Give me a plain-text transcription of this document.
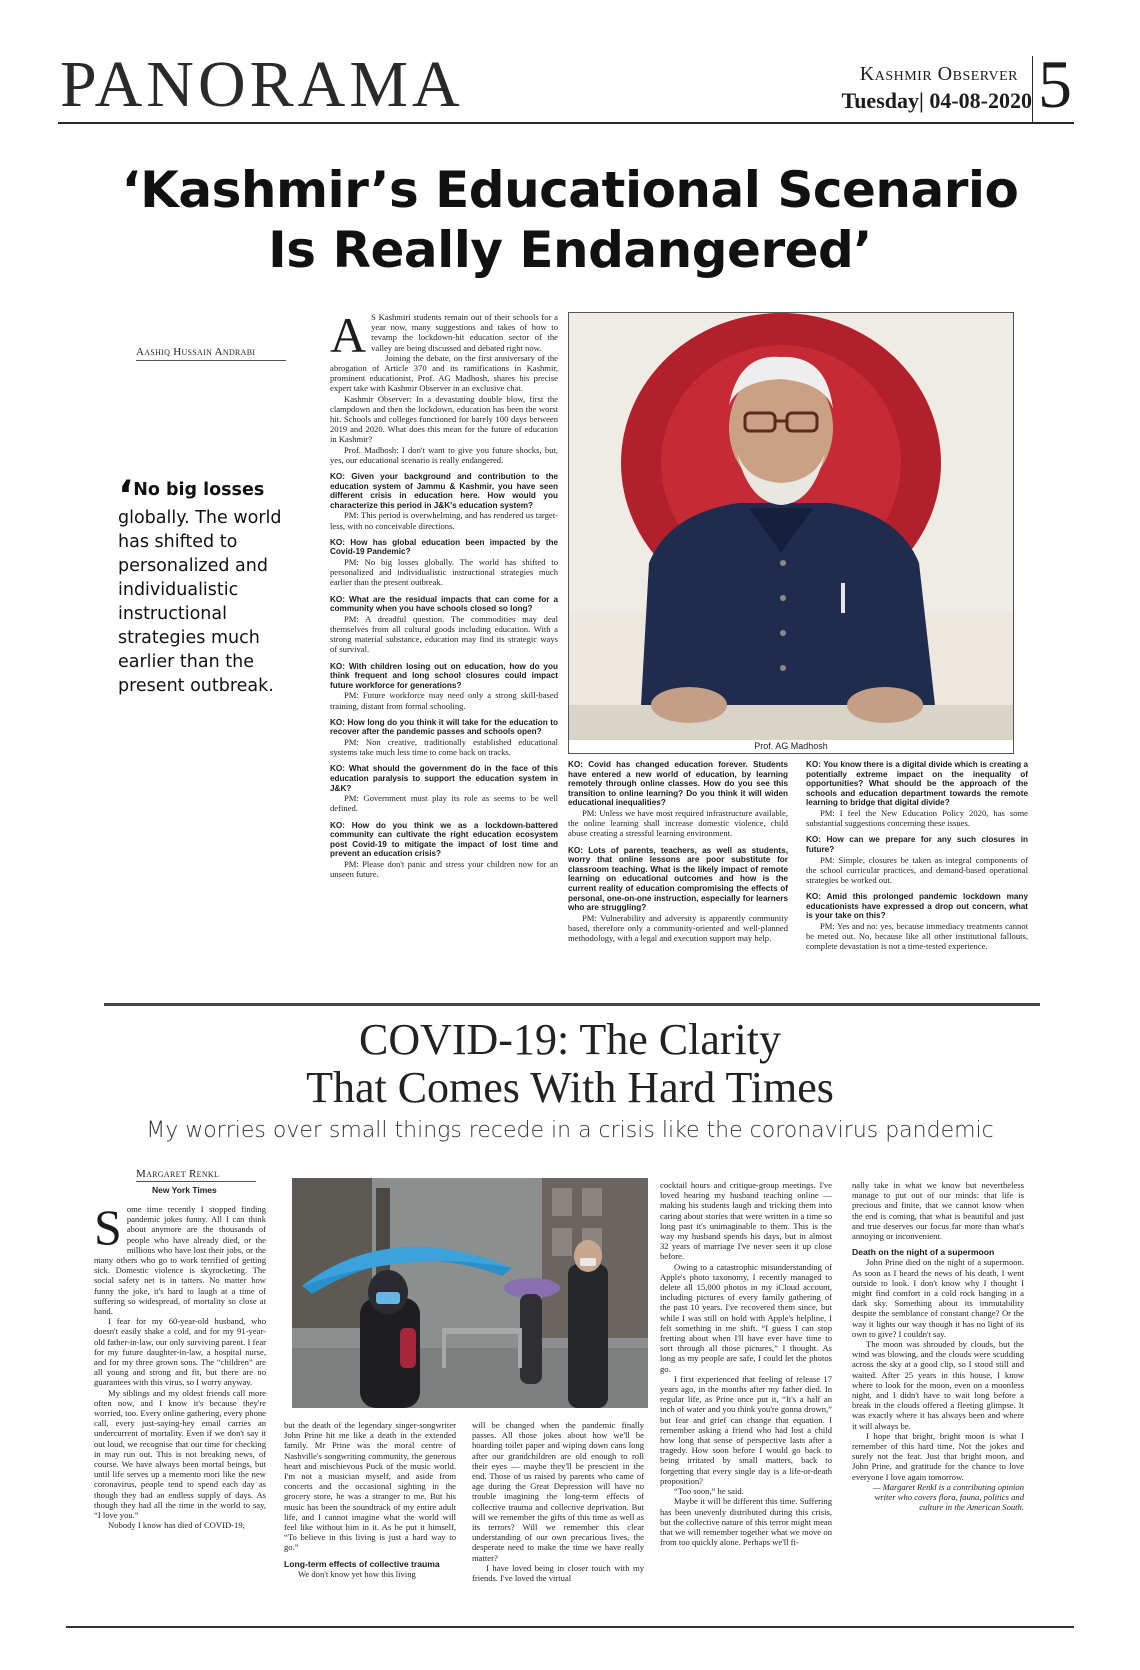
PANORAMA	Kashmir Observer
Tuesday| 04-08-2020 5
‘Kashmir’s Educational Scenario Is Really Endangered’
Aashiq Hussain Andrabi
‘No big losses globally. The world has shifted to personalized and individualistic instructional strategies much earlier than the present outbreak.

A S Kashmiri students remain out of their schools for a year now, many suggestions and takes of how to revamp the lockdown-hit education sector of the valley are being discussed and debated right now.

Joining the debate, on the first anniversary of the abrogation of Article 370 and its ramifications in Kashmir, prominent educationist, Prof. AG Madhosh, shares his precise expert take with Kashmir Observer in an exclusive chat.

Kashmir Observer: In a devastating double blow, first the clampdown and then the lockdown, education has been the worst hit. Schools and colleges functioned for barely 100 days between 2019 and 2020. What does this mean for the future of education in Kashmir?

Prof. Madhosh: I don't want to give you future shocks, but, yes, our educational scenario is really endangered.

KO: Given your background and contribution to the education system of Jammu & Kashmir, you have seen different crisis in education here. How would you characterize this period in J&K's education system?

PM: This period is overwhelming, and has rendered us target-less, with no conceivable directions.

KO: How has global education been impacted by the Covid-19 Pandemic?

PM: No big losses globally. The world has shifted to personalized and individualistic instructional strategies much earlier than the present outbreak.

KO: What are the residual impacts that can come for a community when you have schools closed so long?

PM: A dreadful question. The commodities may deal themselves from all cultural goods including education. With a strong material substance, education may find its strategic ways of survival.

KO: With children losing out on education, how do you think frequent and long school closures could impact future workforce for generations?

PM: Future workforce may need only a strong skill-based training, distant from formal schooling.

KO: How long do you think it will take for the education to recover after the pandemic passes and schools open?

PM: Non creative, traditionally established educational systems take much less time to come back on tracks.

KO: What should the government do in the face of this education paralysis to support the education system in J&K?

PM: Government must play its role as seems to be well defined.

KO: How do you think we as a lockdown-battered community can cultivate the right education ecosystem post Covid-19 to mitigate the impact of lost time and prevent an education crisis?

PM: Please don't panic and stress your children now for an unseen future.

Prof. AG Madhosh

KO: Covid has changed education forever. Students have entered a new world of education, by learning remotely through online classes. How do you see this transition to online learning? Do you think it will widen educational inequalities?

PM: Unless we have most required infrastructure available, the online learning shall increase domestic violence, child abuse creating a stressful learning environment.

KO: Lots of parents, teachers, as well as students, worry that online lessons are poor substitute for classroom teaching. What is the likely impact of remote learning on educational outcomes and how is the current reality of education compromising the effects of personal, one-on-one instruction, especially for learners who are struggling?

PM: Vulnerability and adversity is apparently community based, therefore only a community-oriented and well-planned methodology, with a legal and execution support may help.

KO: You know there is a digital divide which is creating a potentially extreme impact on the inequality of opportunities? What should be the approach of the schools and education department towards the remote learning to bridge that digital divide?

PM: I feel the New Education Policy 2020, has some substantial suggestions concerning these issues.

KO: How can we prepare for any such closures in future?

PM: Simple, closures be taken as integral components of the school curricular practices, and demand-based operational strategies be worked out.

KO: Amid this prolonged pandemic lockdown many educationists have expressed a drop out concern, what is your take on this?

PM: Yes and no: yes, because immediacy treatments cannot be meted out. No, because like all other institutional fallouts, complete devastation is not a time-tested experience.

COVID-19: The Clarity
That Comes With Hard Times
My worries over small things recede in a crisis like the coronavirus pandemic
Margaret Renkl
New York Times

Some time recently I stopped finding pandemic jokes funny. All I can think about anymore are the thousands of people who have already died, or the millions who have lost their jobs, or the many others who go to work terrified of getting sick. Domestic violence is skyrocketing. The social safety net is in tatters. No matter how funny the joke, it's hard to laugh at a time of suffering so widespread, of mortality so close at hand.

I fear for my 60-year-old husband, who doesn't easily shake a cold, and for my 91-year-old father-in-law, our only surviving parent. I fear for my future daughter-in-law, a hospital nurse, and for my three grown sons. The “children” are all young and strong and fit, but there are no guarantees with this virus, so I worry anyway.

My siblings and my oldest friends call more often now, and I know it's because they're worried, too. Every online gathering, every phone call, every just-saying-hey email carries an undercurrent of mortality. Even if we don't say it out loud, we recognise that our time for checking in may run out. This is not breaking news, of course. We have always been mortal beings, but until life serves up a memento mori like the new coronavirus, people tend to spend each day as though they had an endless supply of days. As though they had all the time in the world to say, “I love you.”

Nobody I know has died of COVID-19,

but the death of the legendary singer-songwriter John Prine hit me like a death in the extended family. Mr Prine was the moral centre of Nashville's songwriting community, the generous heart and mischievous Puck of the music world. I'm not a musician myself, and aside from concerts and the occasional sighting in the grocery store, he was a stranger to me. But his music has been the soundtrack of my entire adult life, and I cannot imagine what the world will feel like without him in it. As he put it himself, “To believe in this living is just a hard way to go.”

Long-term effects of collective trauma

We don't know yet how this living

will be changed when the pandemic finally passes. All those jokes about how we'll be hoarding toilet paper and wiping down cans long after our grandchildren are old enough to roll their eyes — maybe they'll be prescient in the end. Those of us raised by parents who came of age during the Great Depression will have no trouble imagining the long-term effects of collective trauma and collective deprivation. But will we remember the gifts of this time as well as its terrors? Will we remember this clear understanding of our own precarious lives, the desperate need to make the time we have really matter?

I have loved being in closer touch with my friends. I've loved the virtual

cocktail hours and critique-group meetings. I've loved hearing my husband teaching online — making his students laugh and tricking them into caring about stories that were written in a time so long past it's unimaginable to them. This is the way my husband spends his days, but in almost 32 years of marriage I've never seen it up close before.

Owing to a catastrophic misunderstanding of Apple's photo taxonomy, I recently managed to delete all 15,000 photos in my iCloud account, including pictures of every family gathering of the past 10 years. I've recovered them since, but while I was still on hold with Apple's helpline, I felt something in me shift. “I guess I can stop fretting about when I'll have ever have time to sort through all those pictures,” I thought. As long as my people are safe, I could let the photos go.

I first experienced that feeling of release 17 years ago, in the months after my father died. In regular life, as Prine once put it, “It's a half an inch of water and you think you're gonna drown,” but fear and grief can change that equation. I remember asking a friend who had lost a child how long that sense of perspective lasts after a tragedy. How soon before I would go back to being irritated by small matters, back to forgetting that every single day is a life-or-death proposition?

“Too soon,” he said.

Maybe it will be different this time. Suffering has been unevenly distributed during this crisis, but the collective nature of this terror might mean that we will remember together what we move on from too quickly alone. Perhaps we'll fi-

nally take in what we know but nevertheless manage to put out of our minds: that life is precious and finite, that we cannot know when the end is coming, that what is beautiful and just and true deserves our focus far more than what's annoying or inconvenient.

Death on the night of a supermoon

John Prine died on the night of a supermoon. As soon as I heard the news of his death, I went outside to look. I don't know why I thought I might find comfort in a cold rock hanging in a dark sky. Something about its immutability despite the semblance of constant change? Or the way it lights our way though it has no light of its own to give? I couldn't say.

The moon was shrouded by clouds, but the wind was blowing, and the clouds were scudding across the sky at a good clip, so I stood still and waited. After 25 years in this house, I know where to look for the moon, even on a moonless night, and I didn't have to wait long before a break in the clouds offered a fleeting glimpse. It was exactly where it has always been and where it will always be.

I hope that bright, bright moon is what I remember of this hard time. Not the jokes and surely not the fear. Just that bright moon, and John Prine, and gratitude for the chance to love everyone I love again tomorrow.

— Margaret Renkl is a contributing opinion writer who covers flora, fauna, politics and culture in the American South.
